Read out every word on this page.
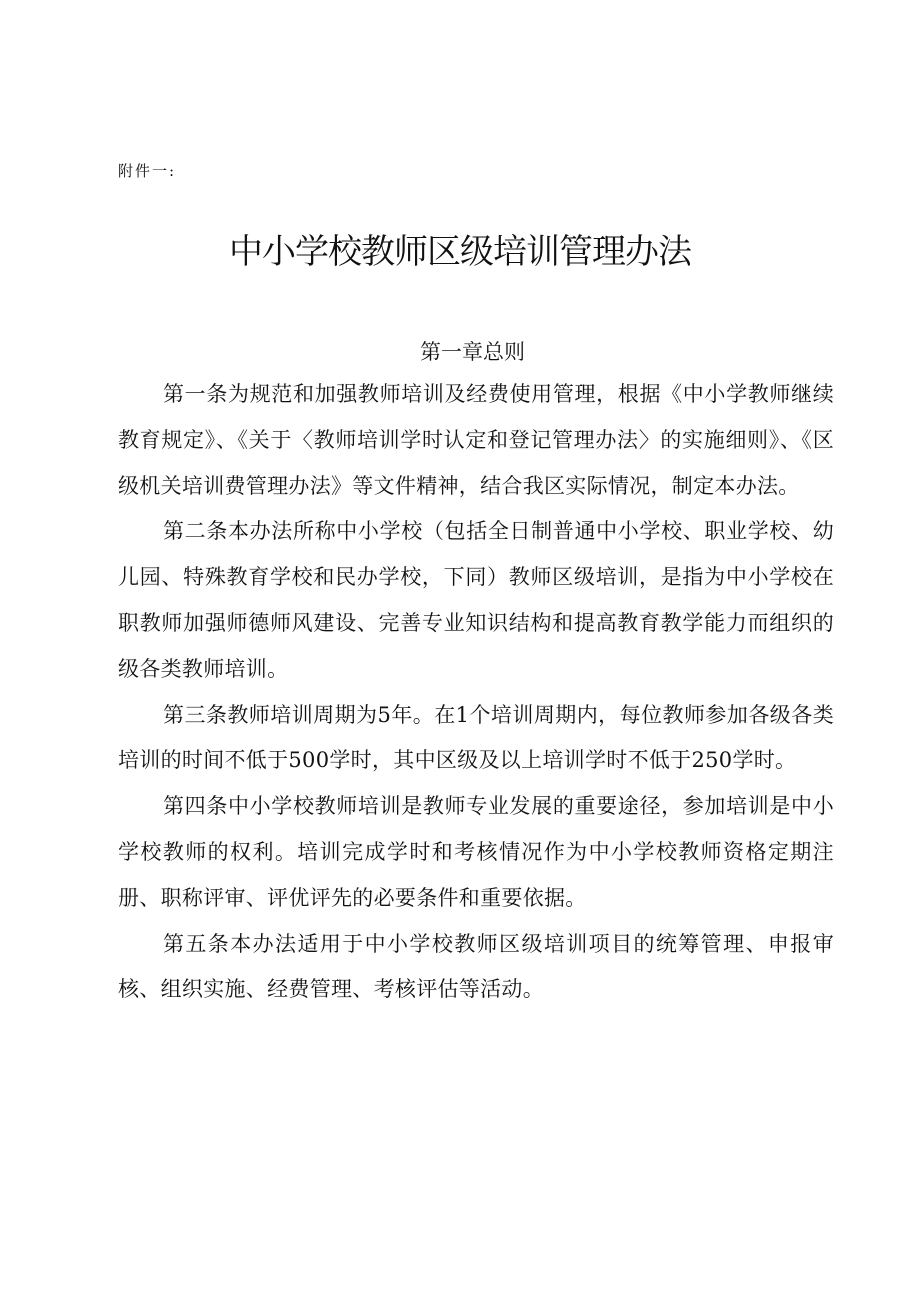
附件一:
中小学校教师区级培训管理办法
第一章总则

第一条为规范和加强教师培训及经费使用管理，根据《中小学教师继续教育规定》、《关于〈教师培训学时认定和登记管理办法〉的实施细则》、《区级机关培训费管理办法》等文件精神，结合我区实际情况，制定本办法。

第二条本办法所称中小学校（包括全日制普通中小学校、职业学校、幼儿园、特殊教育学校和民办学校，下同）教师区级培训，是指为中小学校在职教师加强师德师风建设、完善专业知识结构和提高教育教学能力而组织的级各类教师培训。

第三条教师培训周期为5年。在1个培训周期内，每位教师参加各级各类培训的时间不低于500学时，其中区级及以上培训学时不低于250学时。

第四条中小学校教师培训是教师专业发展的重要途径，参加培训是中小学校教师的权利。培训完成学时和考核情况作为中小学校教师资格定期注册、职称评审、评优评先的必要条件和重要依据。

第五条本办法适用于中小学校教师区级培训项目的统筹管理、申报审核、组织实施、经费管理、考核评估等活动。
